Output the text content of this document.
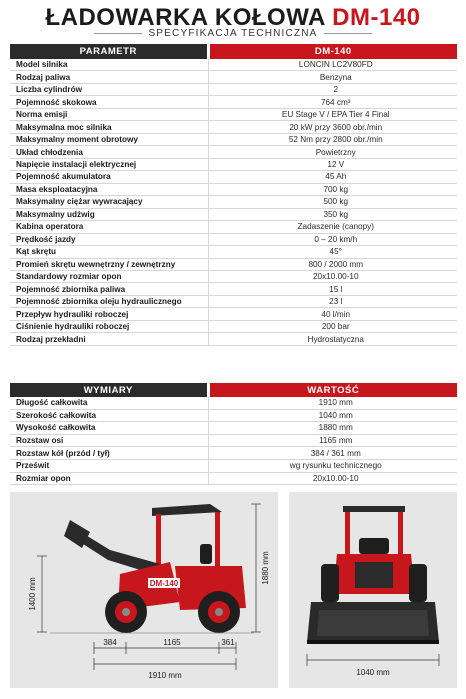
ŁADOWARKA KOŁOWA DM-140
SPECYFIKACJA TECHNICZNA
PARAMETR	DM-140
Model silnika	LONCIN LC2V80FD
Rodzaj paliwa	Benzyna
Liczba cylindrów	2
Pojemność skokowa	764 cm³
Norma emisji	EU Stage V / EPA Tier 4 Final
Maksymalna moc silnika	20 kW przy 3600 obr./min
Maksymalny moment obrotowy	52 Nm przy 2800 obr./min
Układ chłodzenia	Powietrzny
Napięcie instalacji elektrycznej	12 V
Pojemność akumulatora	45 Ah
Masa eksploatacyjna	700 kg
Maksymalny ciężar wywracający	500 kg
Maksymalny udźwig	350 kg
Kabina operatora	Zadaszenie (canopy)
Prędkość jazdy	0 – 20 km/h
Kąt skrętu	45°
Promień skrętu wewnętrzny / zewnętrzny	800 / 2000 mm
Standardowy rozmiar opon	20x10.00-10
Pojemność zbiornika paliwa	15 l
Pojemność zbiornika oleju hydraulicznego	23 l
Przepływ hydrauliki roboczej	40 l/min
Ciśnienie hydrauliki roboczej	200 bar
Rodzaj przekładni	Hydrostatyczna
WYMIARY	WARTOŚĆ
Długość całkowita	1910 mm
Szerokość całkowita	1040 mm
Wysokość całkowita	1880 mm
Rozstaw osi	1165 mm
Rozstaw kół (przód / tył)	384 / 361 mm
Prześwit	wg rysunku technicznego
Rozmiar opon	20x10.00-10
1400 mm
1880 mm
DM-140
384	1165	361
1910 mm	1040 mm
